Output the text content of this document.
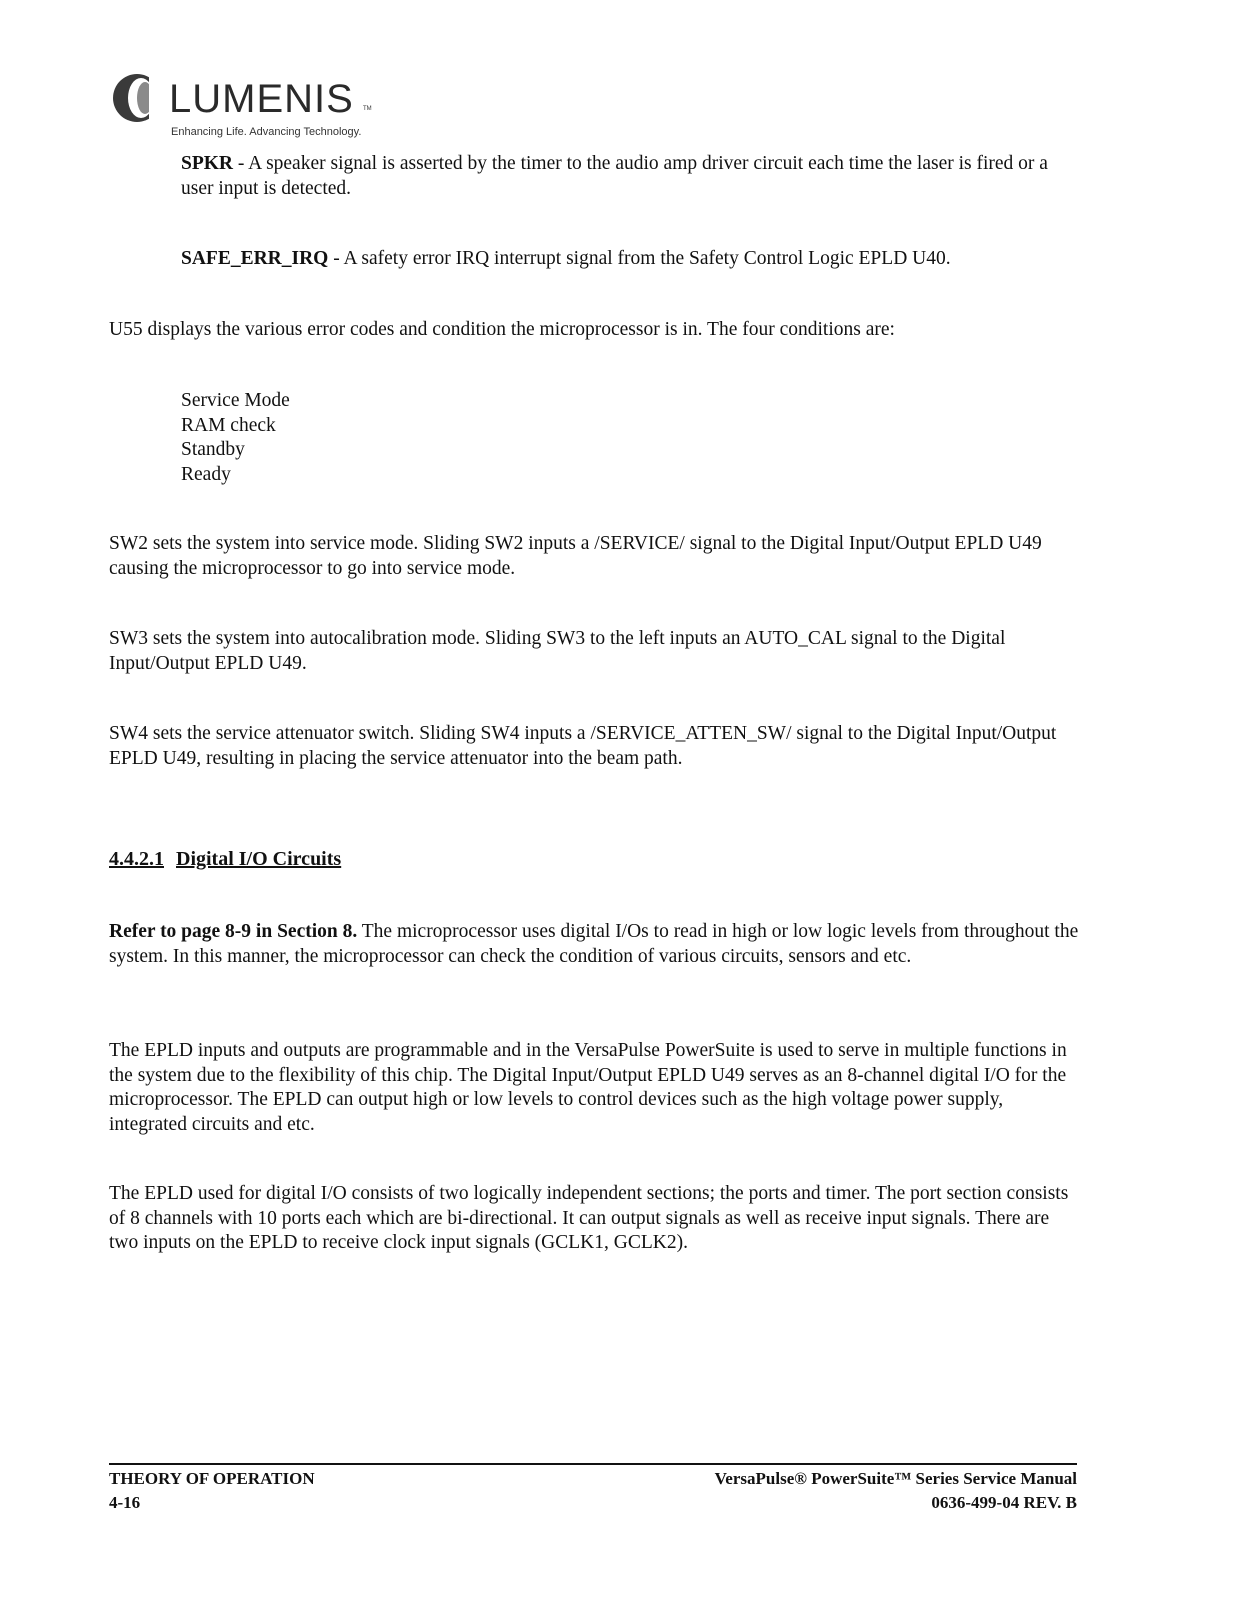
LUMENIS TM
Enhancing Life. Advancing Technology.

SPKR - A speaker signal is asserted by the timer to the audio amp driver circuit each time the laser is fired or a user input is detected.

SAFE_ERR_IRQ - A safety error IRQ interrupt signal from the Safety Control Logic EPLD U40.

U55 displays the various error codes and condition the microprocessor is in. The four conditions are:

Service Mode
RAM check
Standby
Ready

SW2 sets the system into service mode. Sliding SW2 inputs a /SERVICE/ signal to the Digital Input/Output EPLD U49 causing the microprocessor to go into service mode.

SW3 sets the system into autocalibration mode. Sliding SW3 to the left inputs an AUTO_CAL signal to the Digital Input/Output EPLD U49.

SW4 sets the service attenuator switch. Sliding SW4 inputs a /SERVICE_ATTEN_SW/ signal to the Digital Input/Output EPLD U49, resulting in placing the service attenuator into the beam path.

4.4.2.1 Digital I/O Circuits

Refer to page 8-9 in Section 8. The microprocessor uses digital I/Os to read in high or low logic levels from throughout the system. In this manner, the microprocessor can check the condition of various circuits, sensors and etc.

The EPLD inputs and outputs are programmable and in the VersaPulse PowerSuite is used to serve in multiple functions in the system due to the flexibility of this chip. The Digital Input/Output EPLD U49 serves as an 8-channel digital I/O for the microprocessor. The EPLD can output high or low levels to control devices such as the high voltage power supply, integrated circuits and etc.

The EPLD used for digital I/O consists of two logically independent sections; the ports and timer. The port section consists of 8 channels with 10 ports each which are bi-directional. It can output signals as well as receive input signals. There are two inputs on the EPLD to receive clock input signals (GCLK1, GCLK2).

THEORY OF OPERATION
4-16
VersaPulse® PowerSuite™ Series Service Manual
0636-499-04 REV. B
